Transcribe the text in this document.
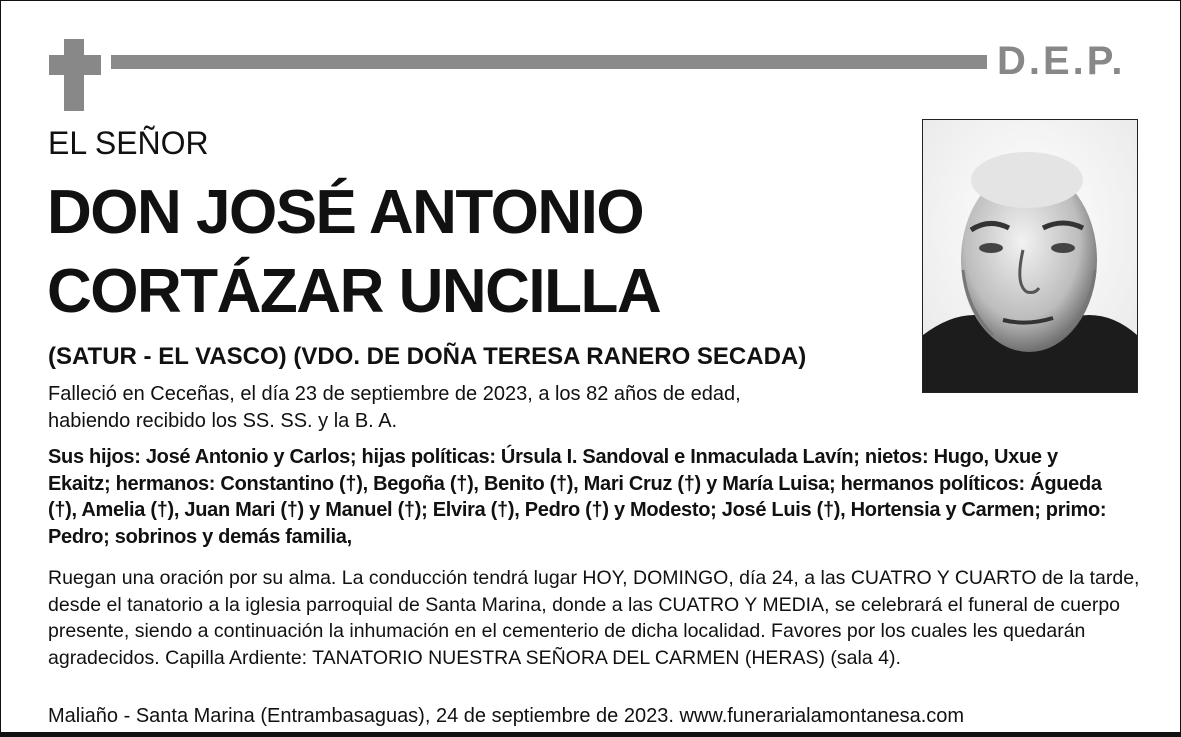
D.E.P.
EL SEÑOR
DON JOSÉ ANTONIO
CORTÁZAR UNCILLA
(SATUR - EL VASCO) (VDO. DE DOÑA TERESA RANERO SECADA)

Falleció en Ceceñas, el día 23 de septiembre de 2023, a los 82 años de edad, habiendo recibido los SS. SS. y la B. A.

Sus hijos: José Antonio y Carlos; hijas políticas: Úrsula I. Sandoval e Inmaculada Lavín; nietos: Hugo, Uxue y Ekaitz; hermanos: Constantino (†), Begoña (†), Benito (†), Mari Cruz (†) y María Luisa; hermanos políticos: Águeda (†), Amelia (†), Juan Mari (†) y Manuel (†); Elvira (†), Pedro (†) y Modesto; José Luis (†), Hortensia y Carmen; primo: Pedro; sobrinos y demás familia,

Ruegan una oración por su alma. La conducción tendrá lugar HOY, DOMINGO, día 24, a las CUATRO Y CUARTO de la tarde, desde el tanatorio a la iglesia parroquial de Santa Marina, donde a las CUATRO Y MEDIA, se celebrará el funeral de cuerpo presente, siendo a continuación la inhumación en el cementerio de dicha localidad. Favores por los cuales les quedarán agradecidos. Capilla Ardiente: TANATORIO NUESTRA SEÑORA DEL CARMEN (HERAS) (sala 4).

Maliaño - Santa Marina (Entrambasaguas), 24 de septiembre de 2023. www.funerarialamontanesa.com
